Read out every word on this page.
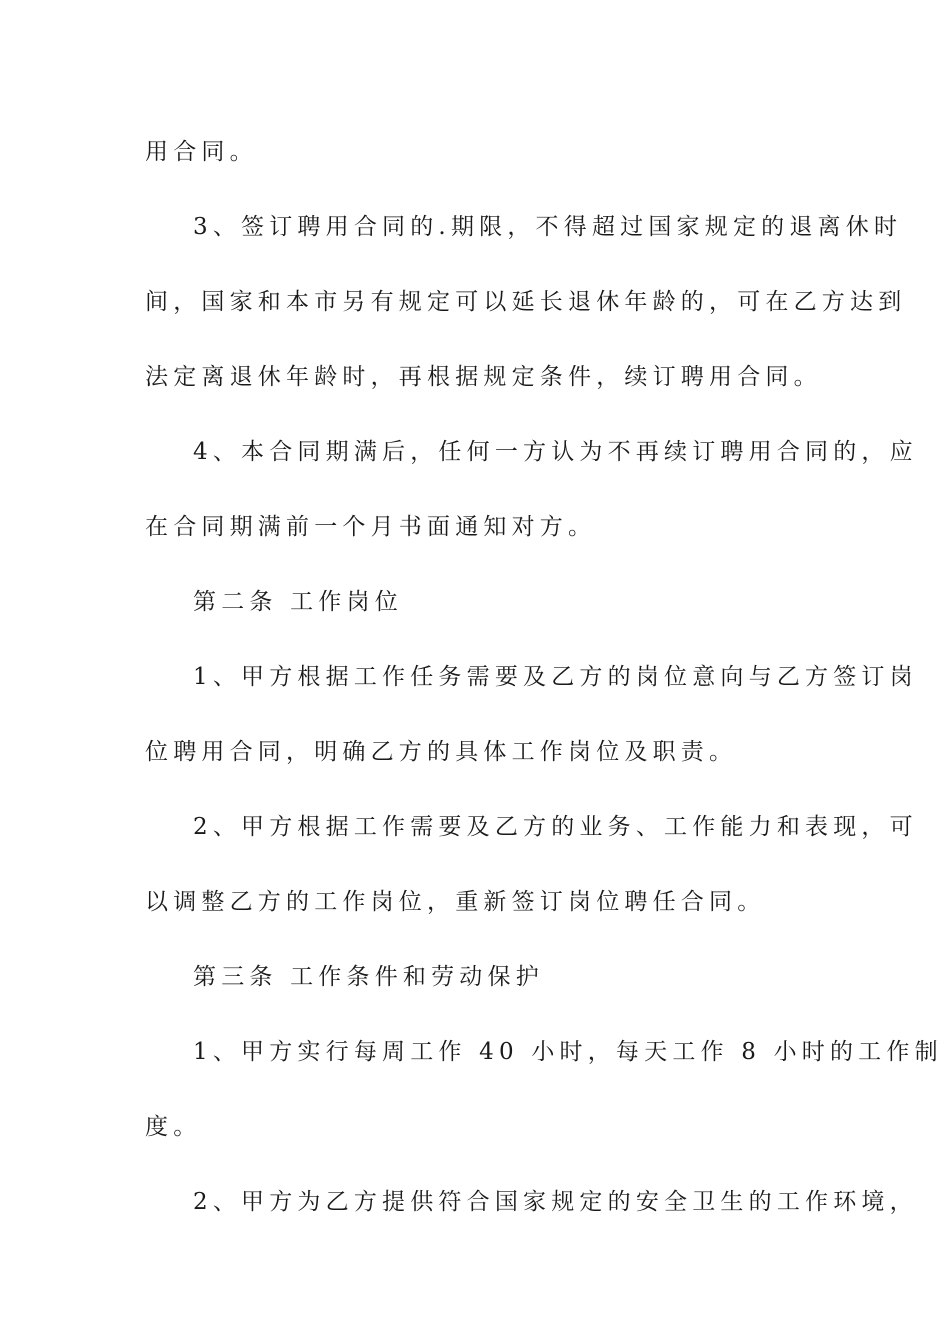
用合同。
3、签订聘用合同的.期限，不得超过国家规定的退离休时
间，国家和本市另有规定可以延长退休年龄的，可在乙方达到
法定离退休年龄时，再根据规定条件，续订聘用合同。
4、本合同期满后，任何一方认为不再续订聘用合同的，应
在合同期满前一个月书面通知对方。
第二条 工作岗位
1、甲方根据工作任务需要及乙方的岗位意向与乙方签订岗
位聘用合同，明确乙方的具体工作岗位及职责。
2、甲方根据工作需要及乙方的业务、工作能力和表现，可
以调整乙方的工作岗位，重新签订岗位聘任合同。
第三条 工作条件和劳动保护
1、甲方实行每周工作 40 小时，每天工作 8 小时的工作制
度。
2、甲方为乙方提供符合国家规定的安全卫生的工作环境，
